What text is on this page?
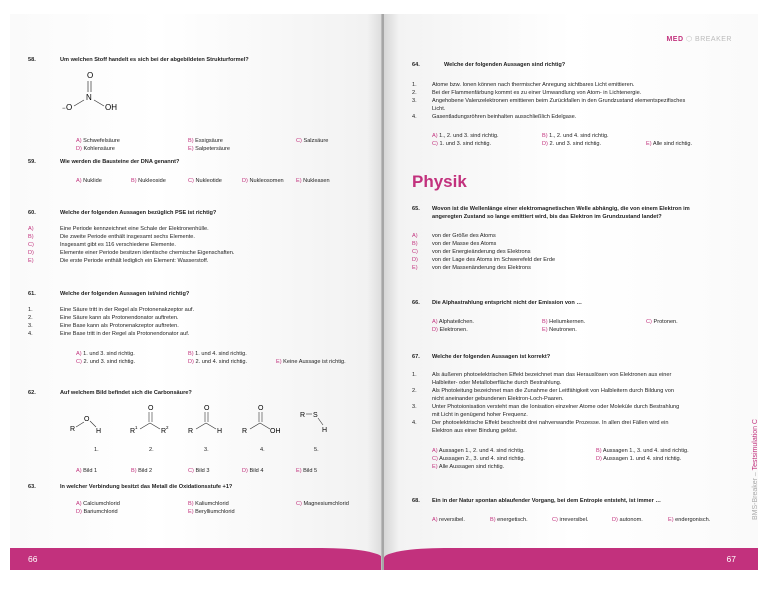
58.	Um welchen Stoff handelt es sich bei der abgebildeten Strukturformel?
O
N
− O	OH
A) Schwefelsäure	B) Essigsäure	C) Salzsäure
D) Kohlensäure	E) Salpetersäure
59.	Wie werden die Bausteine der DNA genannt?
A) Nuklide	B) Nukleoside	C) Nukleotide	D) Nukleosomen E) Nukleasen
60.	Welche der folgenden Aussagen bezüglich PSE ist richtig?
A)	Eine Periode kennzeichnet eine Schale der Elektronenhülle.
B)	Die zweite Periode enthält insgesamt sechs Elemente.
C)	Insgesamt gibt es 116 verschiedene Elemente.
D)	Elemente einer Periode besitzen identische chemische Eigenschaften.
E)	Die erste Periode enthält lediglich ein Element: Wasserstoff.
61.	Welche der folgenden Aussagen ist/sind richtig?
1.	Eine Säure tritt in der Regel als Protonenakzeptor auf.
2.	Eine Säure kann als Protonendonator auftreten.
3.	Eine Base kann als Protonenakzeptor auftreten.
4.	Eine Base tritt in der Regel als Protonendonator auf.
A) 1. und 3. sind richtig.	B) 1. und 4. sind richtig.
C) 2. und 3. sind richtig.	D) 2. und 4. sind richtig.	E) Keine Aussage ist richtig.
62.	Auf welchem Bild befindet sich die Carbonsäure?
R
O
H
O
R
1
R
2
O
R	H
O
R	OH
R S
H
1.	2.	3.	4.	5.
A) Bild 1	B) Bild 2	C) Bild 3	D) Bild 4	E) Bild 5
63.	In welcher Verbindung besitzt das Metall die Oxidationsstufe +1?
A) Calciumchlorid	B) Kaliumchlorid	C) Magnesiumchlorid
D) Bariumchlorid	E) Berylliumchlorid
66
MED ⬡ BREAKER
64.	Welche der folgenden Aussagen sind richtig?
1.	Atome bzw. Ionen können nach thermischer Anregung sichtbares Licht emittieren.
2.	Bei der Flammenfärbung kommt es zu einer Umwandlung von Atom- in Lichtenergie.
3.	Angehobene Valenzelektronen emittieren beim Zurückfallen in den Grundzustand elementspezifisches
Licht.
4.	Gasentladungsröhren beinhalten ausschließlich Edelgase.
A) 1., 2. und 3. sind richtig.	B) 1., 2. und 4. sind richtig.
C) 1. und 3. sind richtig.	D) 2. und 3. sind richtig.	E) Alle sind richtig.
Physik
65. Wovon ist die Wellenlänge einer elektromagnetischen Welle abhängig, die von einem Elektron im
angeregten Zustand so lange emittiert wird, bis das Elektron im Grundzustand landet?
A)	von der Größe des Atoms
B)	von der Masse des Atoms
C)	von der Energieänderung des Elektrons
D)	von der Lage des Atoms im Schwerefeld der Erde
E)	von der Massenänderung des Elektrons
66. Die Alphastrahlung entspricht nicht der Emission von …
A) Alphateilchen.	B) Heliumkernen.	C) Protonen.
D) Elektronen.	E) Neutronen.
67. Welche der folgenden Aussagen ist korrekt?
1.	Als äußeren photoelektrischen Effekt bezeichnet man das Herauslösen von Elektronen aus einer
Halbleiter- oder Metalloberfläche durch Bestrahlung.
2.	Als Photoleitung bezeichnet man die Zunahme der Leitfähigkeit von Halbleitern durch Bildung von
nicht aneinander gebundenen Elektron-Loch-Paaren.
3.	Unter Photoionisation versteht man die Ionisation einzelner Atome oder Moleküle durch Bestrahlung
mit Licht in genügend hoher Frequenz.
4.	Der photoelektrische Effekt beschreibt drei nahverwandte Prozesse. In allen drei Fällen wird ein
Elektron aus einer Bindung gelöst.
A) Aussagen 1., 2. und 4. sind richtig.	B) Aussagen 1., 3. und 4. sind richtig.
C) Aussagen 2., 3. und 4. sind richtig.	D) Aussagen 1. und 4. sind richtig.
E) Alle Aussagen sind richtig.
68. Ein in der Natur spontan ablaufender Vorgang, bei dem Entropie entsteht, ist immer …
A) reversibel.	B) energetisch.	C) irreversibel.	D) autonom.	E) endergonisch.	BMS-Breaker – Testsimulation C
67
